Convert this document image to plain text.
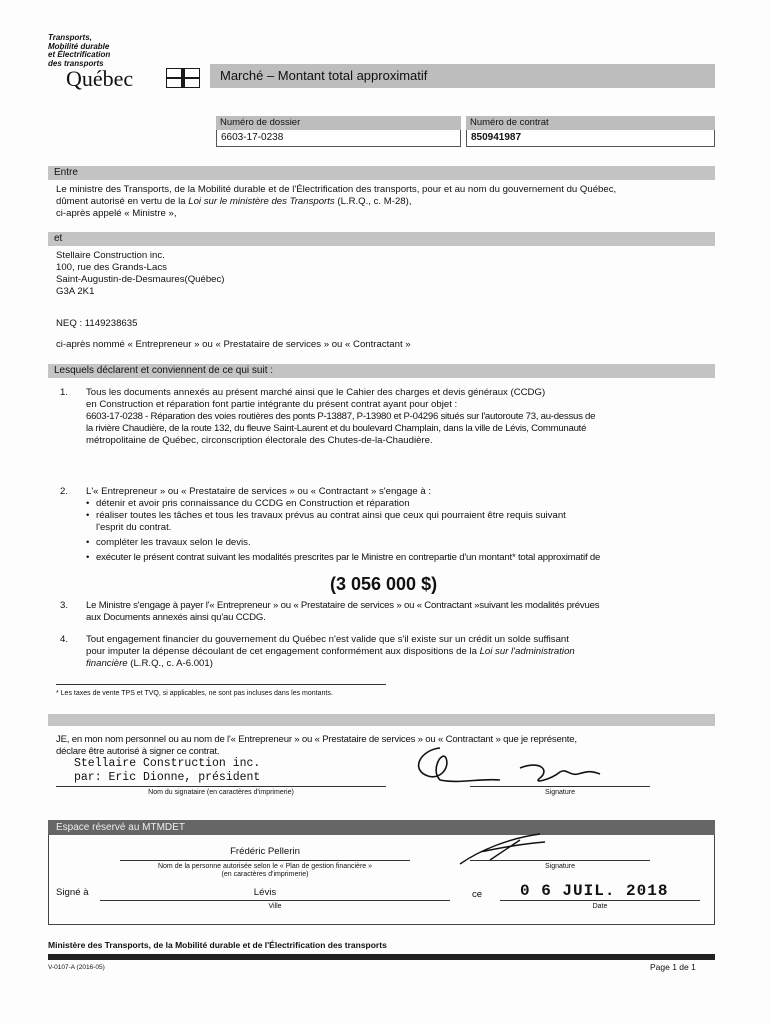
Transports,
Mobilité durable
et Électrification
des transports
Québec	Marché – Montant total approximatif
Numéro de dossier
6603-17-0238
Numéro de contrat
850941987
Entre
Le ministre des Transports, de la Mobilité durable et de l'Électrification des transports, pour et au nom du gouvernement du Québec,
dûment autorisé en vertu de la Loi sur le ministère des Transports (L.R.Q., c. M-28),
ci-après appelé « Ministre »,
et
Stellaire Construction inc.
100, rue des Grands-Lacs
Saint-Augustin-de-Desmaures(Québec)
G3A 2K1
NEQ : 1149238635
ci-après nommé « Entrepreneur » ou « Prestataire de services » ou « Contractant »
Lesquels déclarent et conviennent de ce qui suit :
1. Tous les documents annexés au présent marché ainsi que le Cahier des charges et devis généraux (CCDG)
en Construction et réparation font partie intégrante du présent contrat ayant pour objet :
6603-17-0238 - Réparation des voies routières des ponts P-13887, P-13980 et P-04296 situés sur l'autoroute 73, au-dessus de
la rivière Chaudière, de la route 132, du fleuve Saint-Laurent et du boulevard Champlain, dans la ville de Lévis, Communauté
métropolitaine de Québec, circonscription électorale des Chutes-de-la-Chaudière.
2. L'« Entrepreneur » ou « Prestataire de services » ou « Contractant » s'engage à :
• détenir et avoir pris connaissance du CCDG en Construction et réparation
• réaliser toutes les tâches et tous les travaux prévus au contrat ainsi que ceux qui pourraient être requis suivant
l'esprit du contrat.
• compléter les travaux selon le devis.
• exécuter le présent contrat suivant les modalités prescrites par le Ministre en contrepartie d'un montant* total approximatif de
(3 056 000 $)
3. Le Ministre s'engage à payer l'« Entrepreneur » ou « Prestataire de services » ou « Contractant »suivant les modalités prévues
aux Documents annexés ainsi qu'au CCDG.
4. Tout engagement financier du gouvernement du Québec n'est valide que s'il existe sur un crédit un solde suffisant
pour imputer la dépense découlant de cet engagement conformément aux dispositions de la Loi sur l'administration
financière (L.R.Q., c. A-6.001)
* Les taxes de vente TPS et TVQ, si applicables, ne sont pas incluses dans les montants.
JE, en mon nom personnel ou au nom de l'« Entrepreneur » ou « Prestataire de services » ou « Contractant » que je représente,
déclare être autorisé à signer ce contrat.
Stellaire Construction inc.
par: Eric Dionne, président
Nom du signataire (en caractères d'imprimerie)	Signature
Espace réservé au MTMDET
Frédéric Pellerin
Nom de la personne autorisée selon le « Plan de gestion financière »
(en caractères d'imprimerie)
Signature
Signé à	Lévis
Ville
ce 0 6 JUIL. 2018
Date
Ministère des Transports, de la Mobilité durable et de l'Électrification des transports
V-0107-A (2016-05)	Page 1 de 1
